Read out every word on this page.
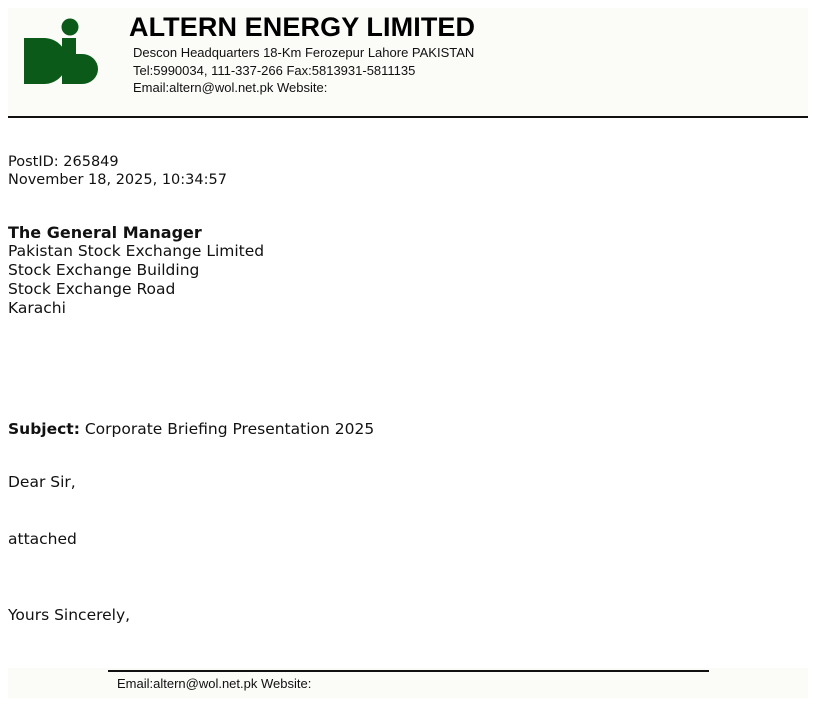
ALTERN ENERGY LIMITED
Descon Headquarters 18-Km Ferozepur Lahore PAKISTAN
Tel:5990034, 111-337-266 Fax:5813931-5811135
Email:altern@wol.net.pk Website:
PostID: 265849
November 18, 2025, 10:34:57
The General Manager
Pakistan Stock Exchange Limited
Stock Exchange Building
Stock Exchange Road
Karachi
Subject: Corporate Briefing Presentation 2025
Dear Sir,
attached
Yours Sincerely,
Email:altern@wol.net.pk Website:
